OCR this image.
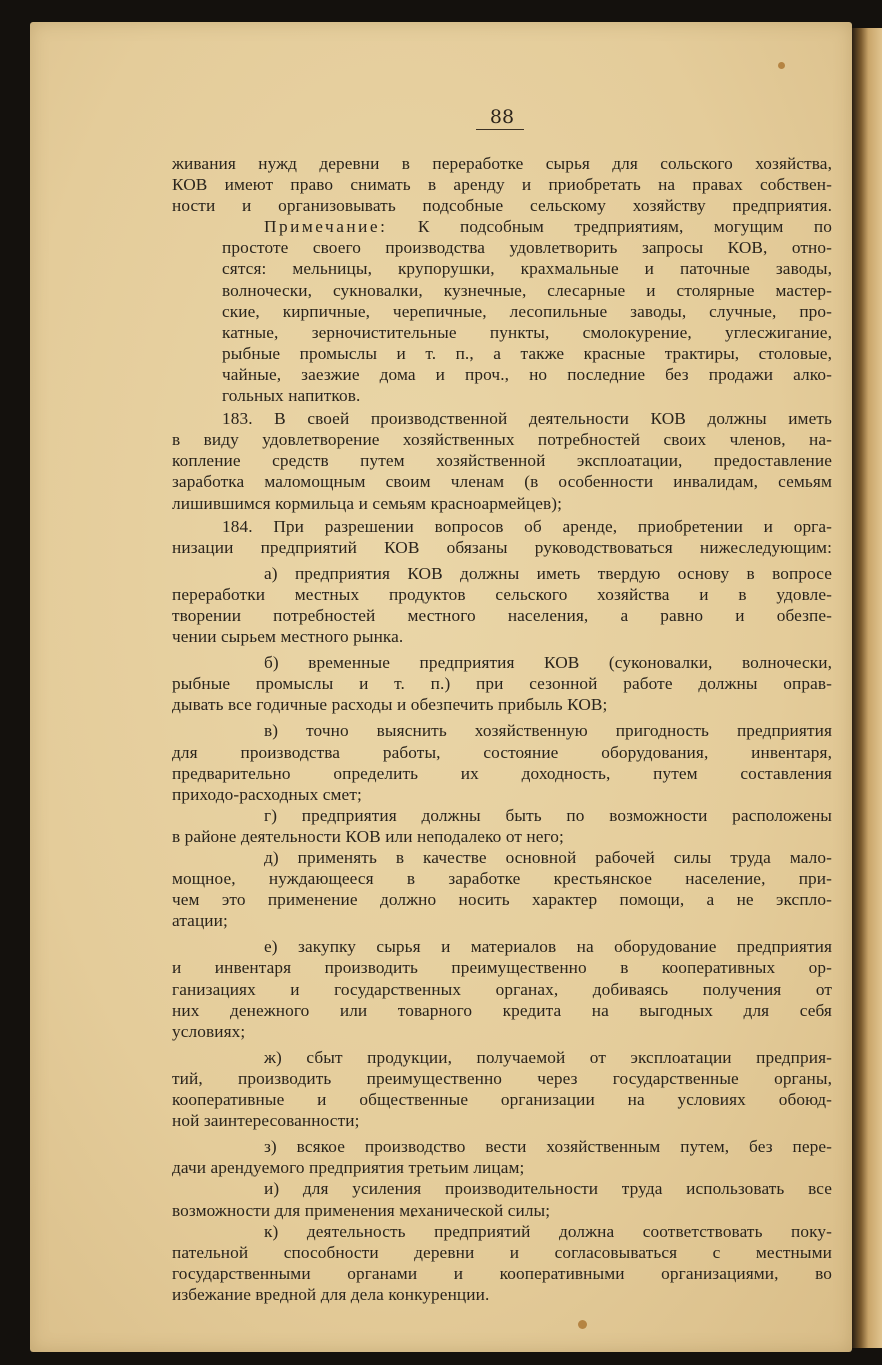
88
живания нужд деревни в переработке сырья для сольского хозяйства,
КОВ имеют право снимать в аренду и приобретать на правах собствен-
ности и организовывать подсобные сельскому хозяйству предприятия.
Примечание: К подсобным тредприятиям, могущим по
простоте своего производства удовлетворить запросы КОВ, отно-
сятся: мельницы, крупорушки, крахмальные и паточные заводы,
волночески, сукновалки, кузнечные, слесарные и столярные мастер-
ские, кирпичные, черепичные, лесопильные заводы, случные, про-
катные, зерночистительные пункты, смолокурение, углесжигание,
рыбные промыслы и т. п., а также красные трактиры, столовые,
чайные, заезжие дома и проч., но последние без продажи алко-
гольных напитков.
183. В своей производственной деятельности КОВ должны иметь
в виду удовлетворение хозяйственных потребностей своих членов, на-
копление средств путем хозяйственной эксплоатации, предоставление
заработка маломощным своим членам (в особенности инвалидам, семьям
лишившимся кормильца и семьям красноармейцев);
184. При разрешении вопросов об аренде, приобретении и орга-
низации предприятий КОВ обязаны руководствоваться нижеследующим:
а) предприятия КОВ должны иметь твердую основу в вопросе
переработки местных продуктов сельского хозяйства и в удовле-
творении потребностей местного населения, а равно и обезпе-
чении сырьем местного рынка.
б) временные предприятия КОВ (суконовалки, волночески,
рыбные промыслы и т. п.) при сезонной работе должны оправ-
дывать все годичные расходы и обезпечить прибыль КОВ;
в) точно выяснить хозяйственную пригодность предприятия
для производства работы, состояние оборудования, инвентаря,
предварительно определить их доходность, путем составления
приходо-расходных смет;
г) предприятия должны быть по возможности расположены
в районе деятельности КОВ или неподалеко от него;
д) применять в качестве основной рабочей силы труда мало-
мощное, нуждающееся в заработке крестьянское население, при-
чем это применение должно носить характер помощи, а не эксплo-
атации;
е) закупку сырья и материалов на оборудование предприятия
и инвентаря производить преимущественно в кооперативных ор-
ганизациях и государственных органах, добиваясь получения от
них денежного или товарного кредита на выгодных для себя
условиях;
ж) сбыт продукции, получаемой от эксплоатации предприя-
тий, производить преимущественно через государственные органы,
кооперативные и общественные организации на условиях обоюд-
ной заинтересованности;
з) всякое производство вести хозяйственным путем, без пере-
дачи арендуемого предприятия третьим лицам;
и) для усиления производительности труда использовать все
возможности для применения механической силы;
к) деятельность предприятий должна соответствовать поку-
пательной способности деревни и согласовываться с местными
государственными органами и кооперативными организациями, во
избежание вредной для дела конкуренции.
